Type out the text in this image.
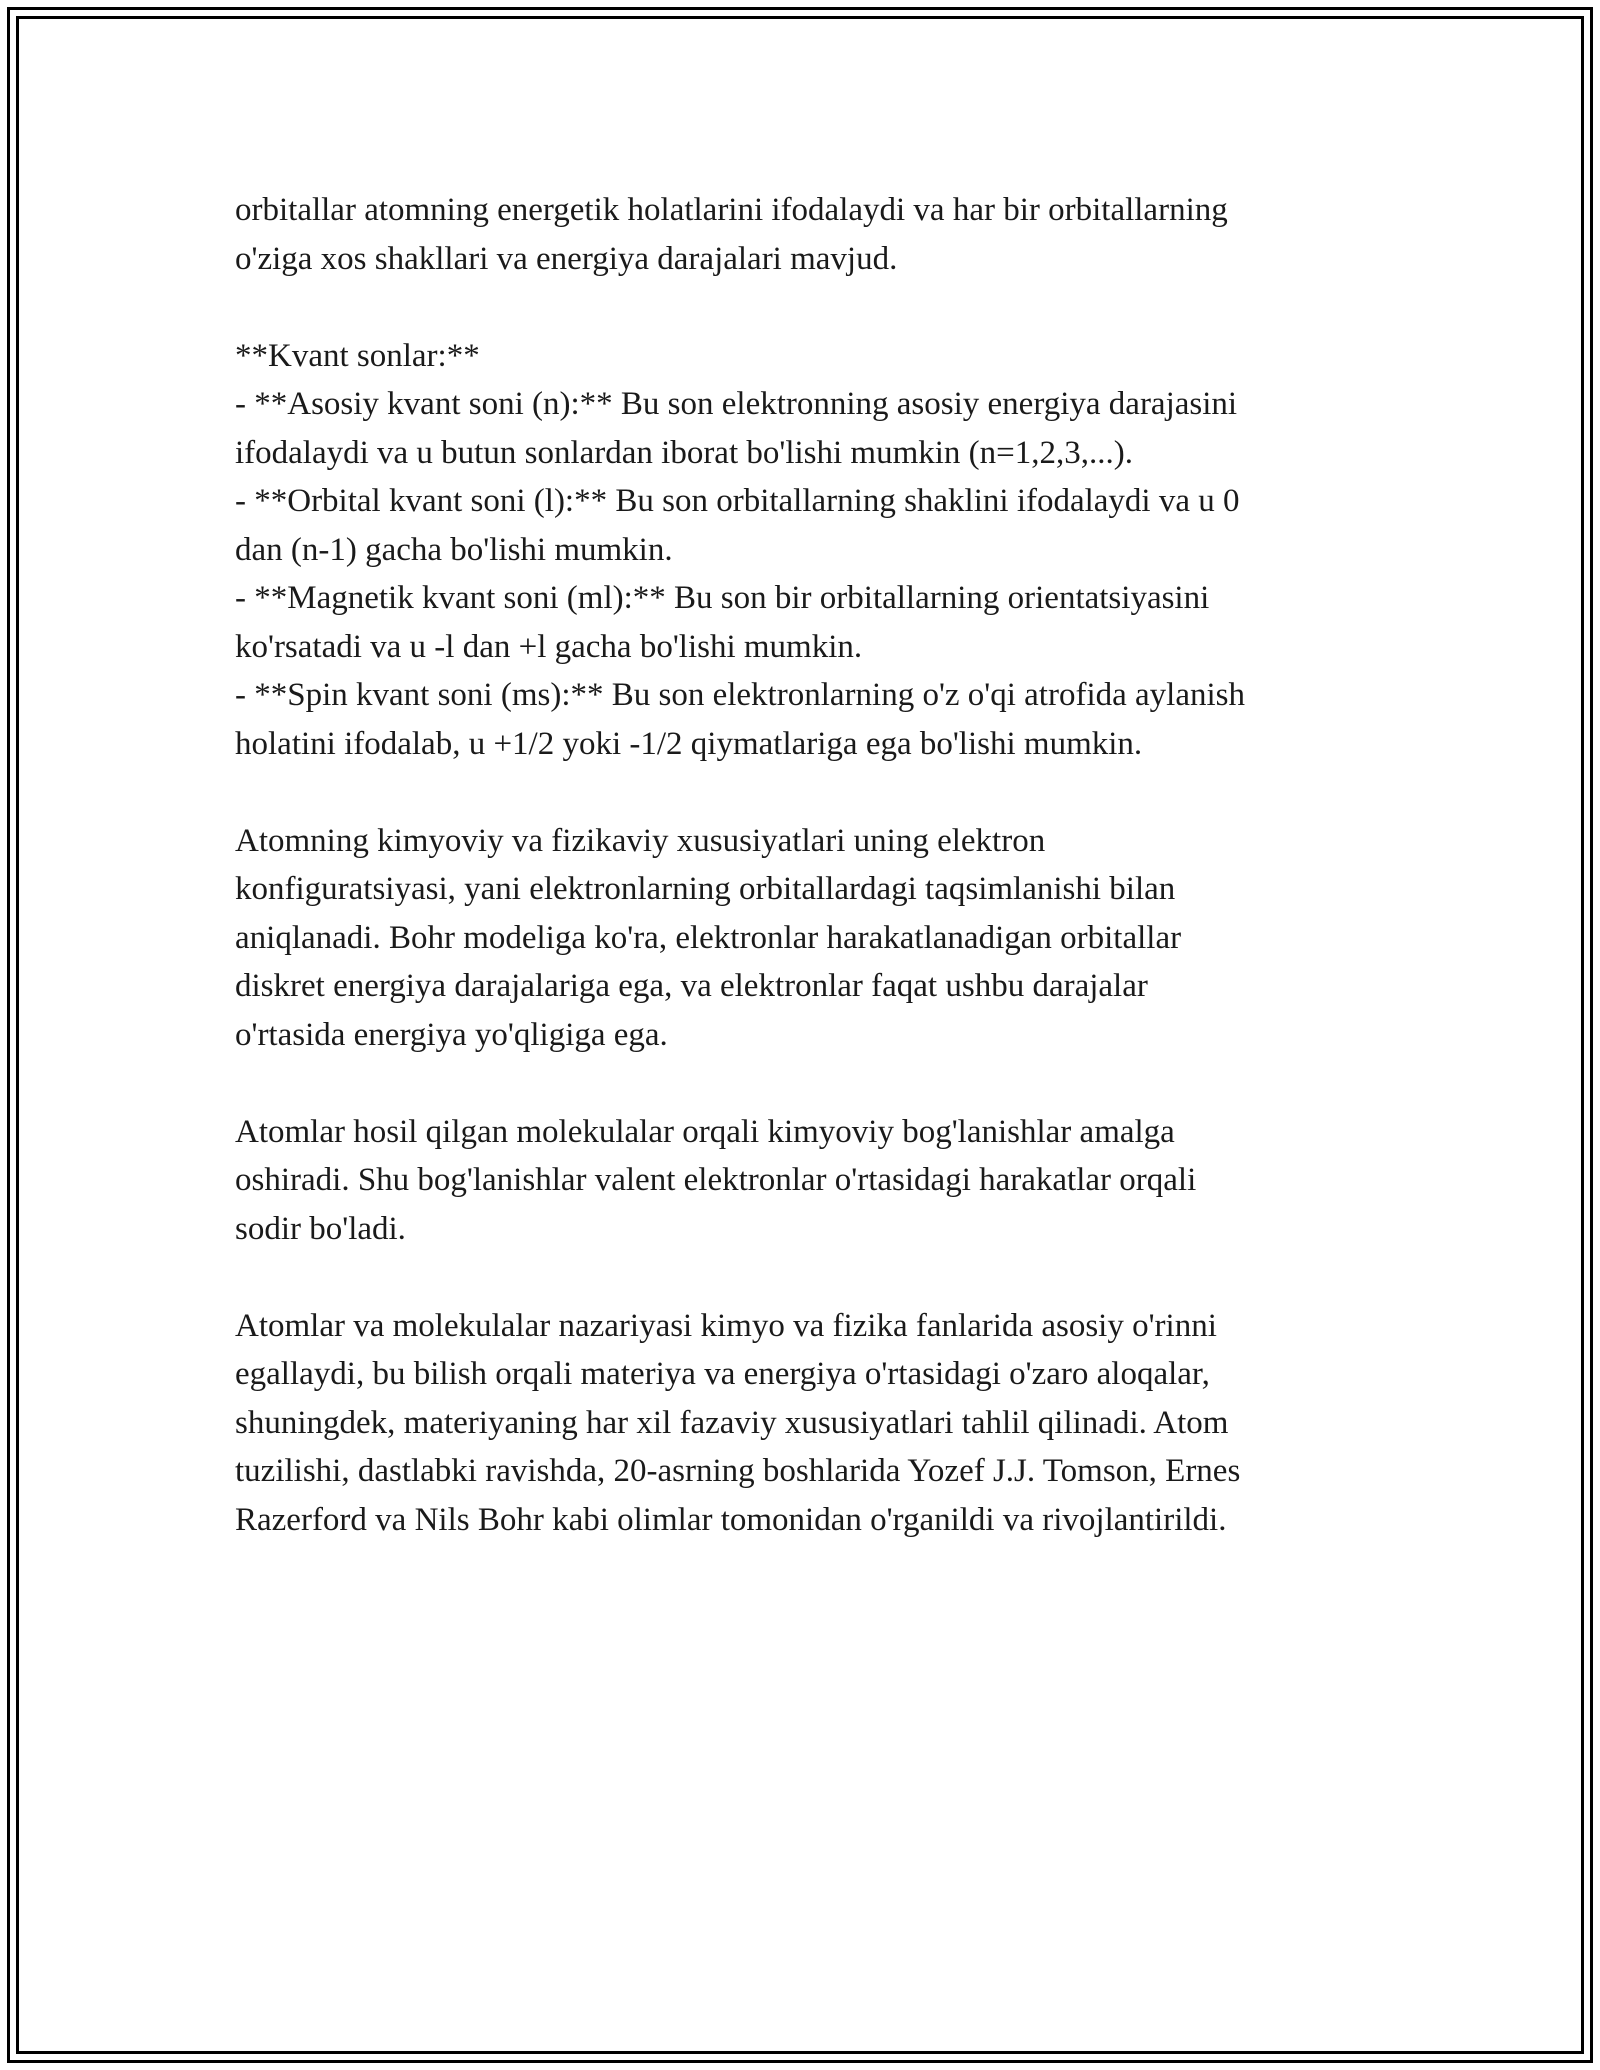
orbitallar atomning energetik holatlarini ifodalaydi va har bir orbitallarning
o'ziga xos shakllari va energiya darajalari mavjud.

**Kvant sonlar:**

- **Asosiy kvant soni (n):** Bu son elektronning asosiy energiya darajasini
ifodalaydi va u butun sonlardan iborat bo'lishi mumkin (n=1,2,3,...).

- **Orbital kvant soni (l):** Bu son orbitallarning shaklini ifodalaydi va u 0
dan (n-1) gacha bo'lishi mumkin.

- **Magnetik kvant soni (ml):** Bu son bir orbitallarning orientatsiyasini
ko'rsatadi va u -l dan +l gacha bo'lishi mumkin.

- **Spin kvant soni (ms):** Bu son elektronlarning o'z o'qi atrofida aylanish
holatini ifodalab, u +1/2 yoki -1/2 qiymatlariga ega bo'lishi mumkin.

Atomning kimyoviy va fizikaviy xususiyatlari uning elektron
konfiguratsiyasi, yani elektronlarning orbitallardagi taqsimlanishi bilan
aniqlanadi. Bohr modeliga ko'ra, elektronlar harakatlanadigan orbitallar
diskret energiya darajalariga ega, va elektronlar faqat ushbu darajalar
o'rtasida energiya yo'qligiga ega.

Atomlar hosil qilgan molekulalar orqali kimyoviy bog'lanishlar amalga
oshiradi. Shu bog'lanishlar valent elektronlar o'rtasidagi harakatlar orqali
sodir bo'ladi.

Atomlar va molekulalar nazariyasi kimyo va fizika fanlarida asosiy o'rinni
egallaydi, bu bilish orqali materiya va energiya o'rtasidagi o'zaro aloqalar,
shuningdek, materiyaning har xil fazaviy xususiyatlari tahlil qilinadi. Atom
tuzilishi, dastlabki ravishda, 20-asrning boshlarida Yozef J.J. Tomson, Ernes
Razerford va Nils Bohr kabi olimlar tomonidan o'rganildi va rivojlantirildi.
